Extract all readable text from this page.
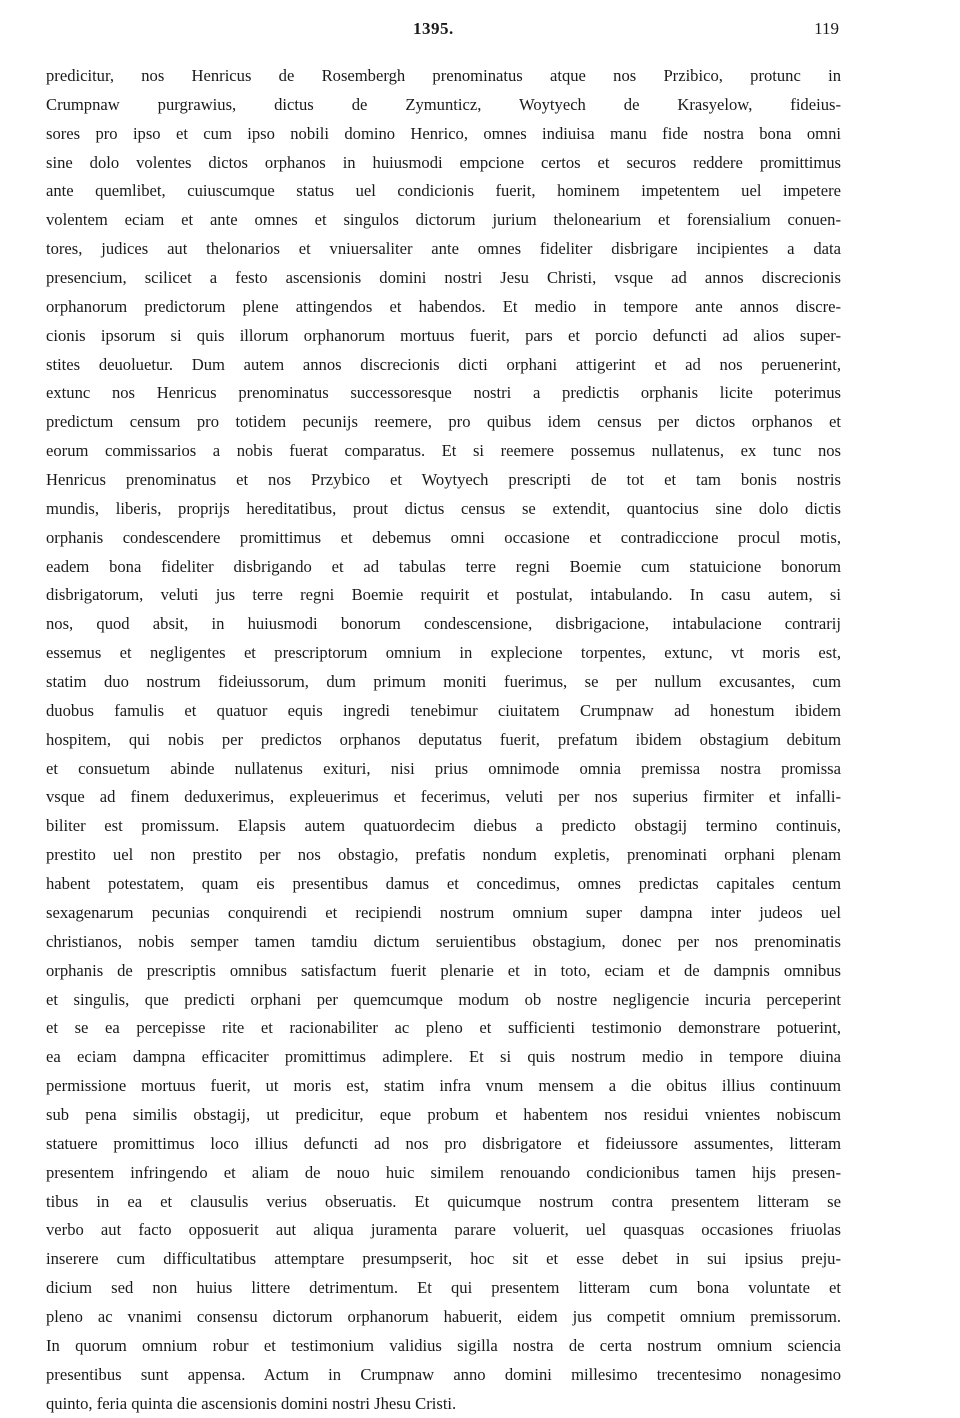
1395.	119
predicitur, nos Henricus de Rosembergh prenominatus atque nos Przibico, protunc in
Crumpnaw purgrawius, dictus de Zymunticz, Woytyech de Krasyelow, fideius-
sores pro ipso et cum ipso nobili domino Henrico, omnes indiuisa manu fide nostra bona omni
sine dolo volentes dictos orphanos in huiusmodi empcione certos et securos reddere promittimus
ante quemlibet, cuiuscumque status uel condicionis fuerit, hominem impetentem uel impetere
volentem eciam et ante omnes et singulos dictorum jurium thelonearium et forensialium conuen-
tores, judices aut thelonarios et vniuersaliter ante omnes fideliter disbrigare incipientes a data
presencium, scilicet a festo ascensionis domini nostri Jesu Christi, vsque ad annos discrecionis
orphanorum predictorum plene attingendos et habendos. Et medio in tempore ante annos discre-
cionis ipsorum si quis illorum orphanorum mortuus fuerit, pars et porcio defuncti ad alios super-
stites deuoluetur. Dum autem annos discrecionis dicti orphani attigerint et ad nos peruenerint,
extunc nos Henricus prenominatus successoresque nostri a predictis orphanis licite poterimus
predictum censum pro totidem pecunijs reemere, pro quibus idem census per dictos orphanos et
eorum commissarios a nobis fuerat comparatus. Et si reemere possemus nullatenus, ex tunc nos
Henricus prenominatus et nos Przybico et Woytyech prescripti de tot et tam bonis nostris
mundis, liberis, proprijs hereditatibus, prout dictus census se extendit, quantocius sine dolo dictis
orphanis condescendere promittimus et debemus omni occasione et contradiccione procul motis,
eadem bona fideliter disbrigando et ad tabulas terre regni Boemie cum statuicione bonorum
disbrigatorum, veluti jus terre regni Boemie requirit et postulat, intabulando. In casu autem, si
nos, quod absit, in huiusmodi bonorum condescensione, disbrigacione, intabulacione contrarij
essemus et negligentes et prescriptorum omnium in explecione torpentes, extunc, vt moris est,
statim duo nostrum fideiussorum, dum primum moniti fuerimus, se per nullum excusantes, cum
duobus famulis et quatuor equis ingredi tenebimur ciuitatem Crumpnaw ad honestum ibidem
hospitem, qui nobis per predictos orphanos deputatus fuerit, prefatum ibidem obstagium debitum
et consuetum abinde nullatenus exituri, nisi prius omnimode omnia premissa nostra promissa
vsque ad finem deduxerimus, expleuerimus et fecerimus, veluti per nos superius firmiter et infalli-
biliter est promissum. Elapsis autem quatuordecim diebus a predicto obstagij termino continuis,
prestito uel non prestito per nos obstagio, prefatis nondum expletis, prenominati orphani plenam
habent potestatem, quam eis presentibus damus et concedimus, omnes predictas capitales centum
sexagenarum pecunias conquirendi et recipiendi nostrum omnium super dampna inter judeos uel
christianos, nobis semper tamen tamdiu dictum seruientibus obstagium, donec per nos prenominatis
orphanis de prescriptis omnibus satisfactum fuerit plenarie et in toto, eciam et de dampnis omnibus
et singulis, que predicti orphani per quemcumque modum ob nostre negligencie incuria perceperint
et se ea percepisse rite et racionabiliter ac pleno et sufficienti testimonio demonstrare potuerint,
ea eciam dampna efficaciter promittimus adimplere. Et si quis nostrum medio in tempore diuina
permissione mortuus fuerit, ut moris est, statim infra vnum mensem a die obitus illius continuum
sub pena similis obstagij, ut predicitur, eque probum et habentem nos residui vnientes nobiscum
statuere promittimus loco illius defuncti ad nos pro disbrigatore et fideiussore assumentes, litteram
presentem infringendo et aliam de nouo huic similem renouando condicionibus tamen hijs presen-
tibus in ea et clausulis verius obseruatis. Et quicumque nostrum contra presentem litteram se
verbo aut facto opposuerit aut aliqua juramenta parare voluerit, uel quasquas occasiones friuolas
inserere cum difficultatibus attemptare presumpserit, hoc sit et esse debet in sui ipsius preju-
dicium sed non huius littere detrimentum. Et qui presentem litteram cum bona voluntate et
pleno ac vnanimi consensu dictorum orphanorum habuerit, eidem jus competit omnium premissorum.
In quorum omnium robur et testimonium validius sigilla nostra de certa nostrum omnium sciencia
presentibus sunt appensa. Actum in Crumpnaw anno domini millesimo trecentesimo nonagesimo
quinto, feria quinta die ascensionis domini nostri Jhesu Cristi.
